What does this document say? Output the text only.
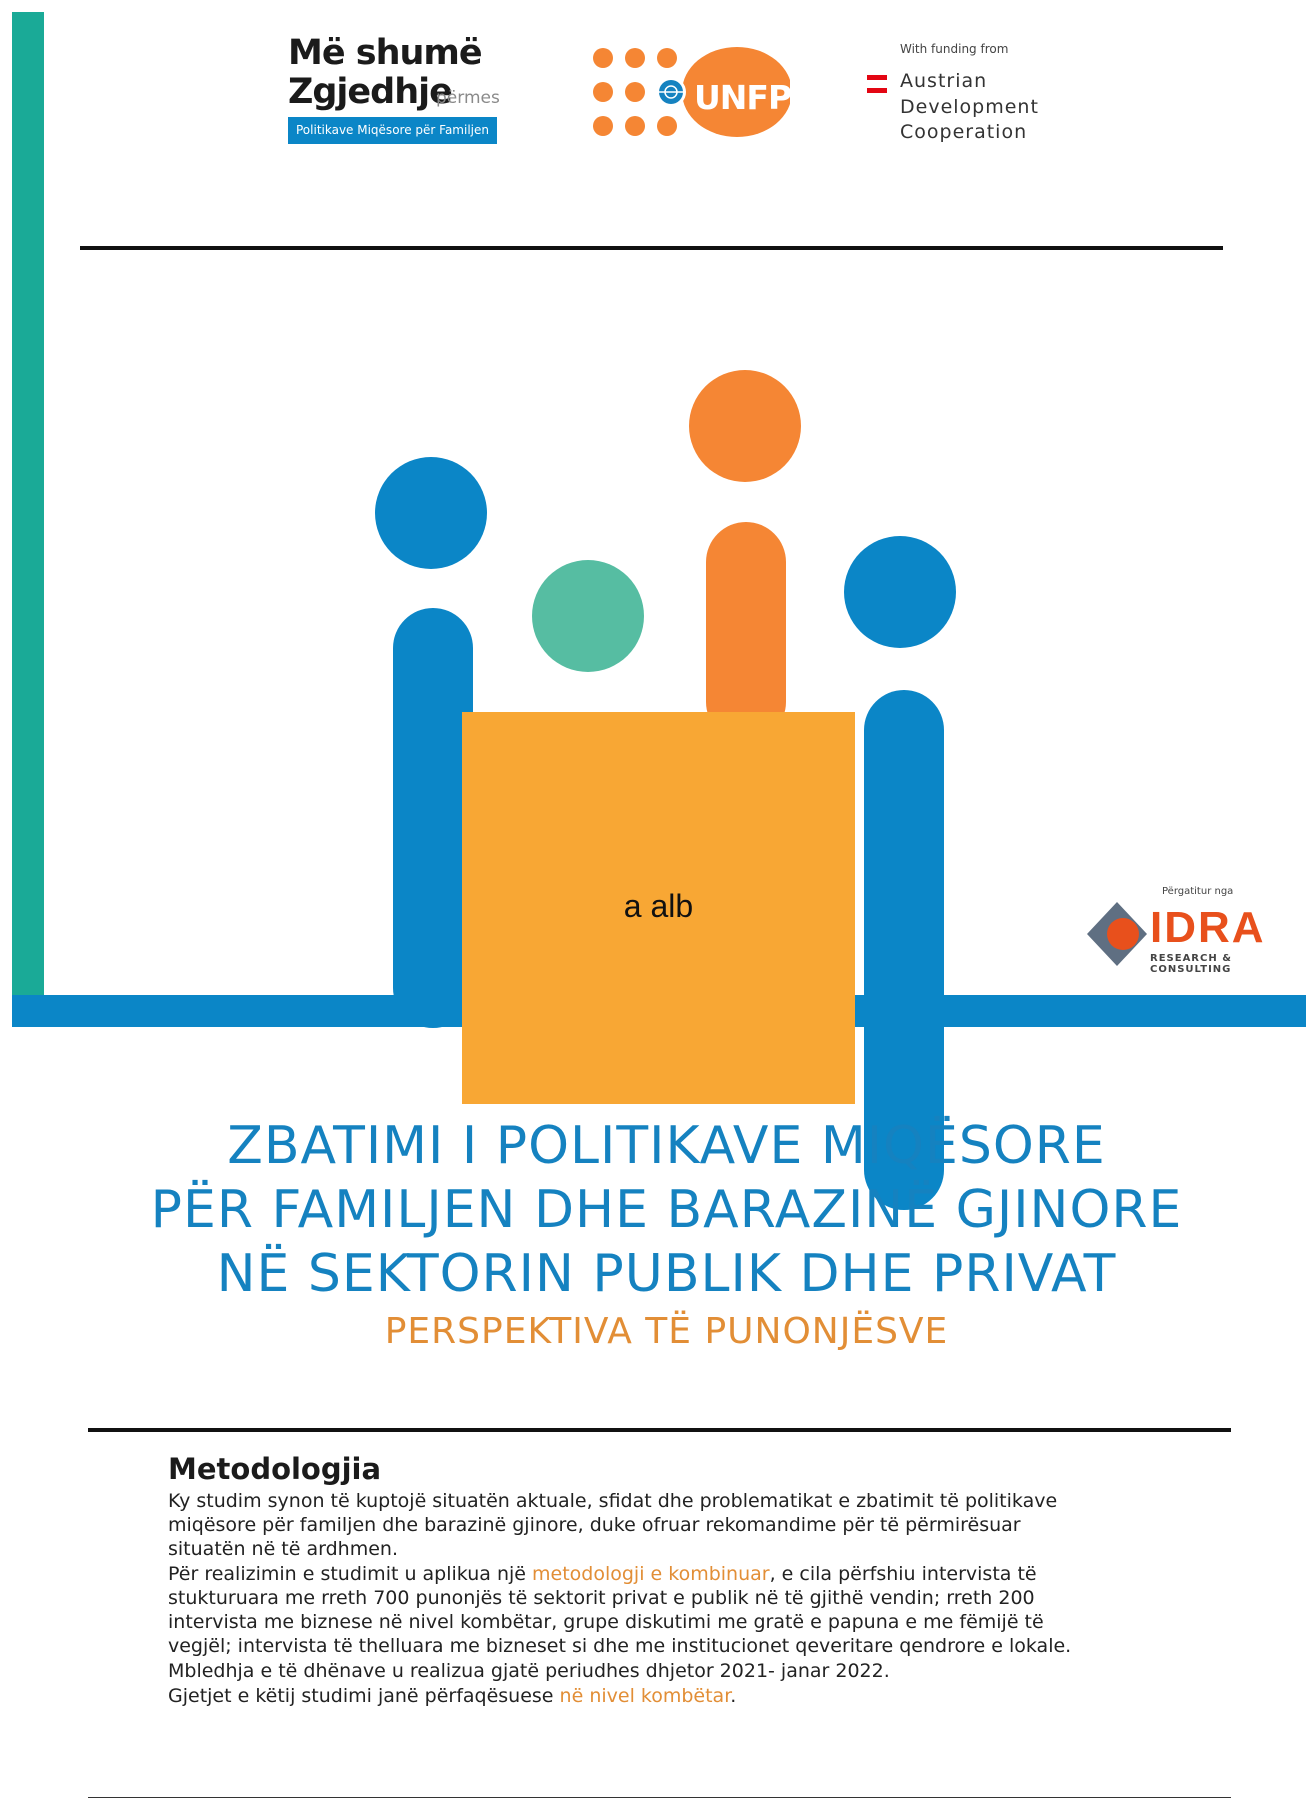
Më shumë
Zgjedhje
përmes
Politikave Miqësore për Familjen
UNFPA
With funding from
Austrian
Development
Cooperation
a alb	Përgatitur nga
IDRA
RESEARCH & CONSULTING
ZBATIMI I POLITIKAVE MIQËSORE
PËR FAMILJEN DHE BARAZINË GJINORE
NË SEKTORIN PUBLIK DHE PRIVAT
PERSPEKTIVA TË PUNONJËSVE
Metodologjia
Ky studim synon të kuptojë situatën aktuale, sfidat dhe problematikat e zbatimit të politikave
miqësore për familjen dhe barazinë gjinore, duke ofruar rekomandime për të përmirësuar
situatën në të ardhmen.
Për realizimin e studimit u aplikua një metodologji e kombinuar, e cila përfshiu intervista të
stukturuara me rreth 700 punonjës të sektorit privat e publik në të gjithë vendin; rreth 200
intervista me biznese në nivel kombëtar, grupe diskutimi me gratë e papuna e me fëmijë të
vegjël; intervista të thelluara me bizneset si dhe me institucionet qeveritare qendrore e lokale.
Mbledhja e të dhënave u realizua gjatë periudhes dhjetor 2021- janar 2022.
Gjetjet e këtij studimi janë përfaqësuese në nivel kombëtar.
